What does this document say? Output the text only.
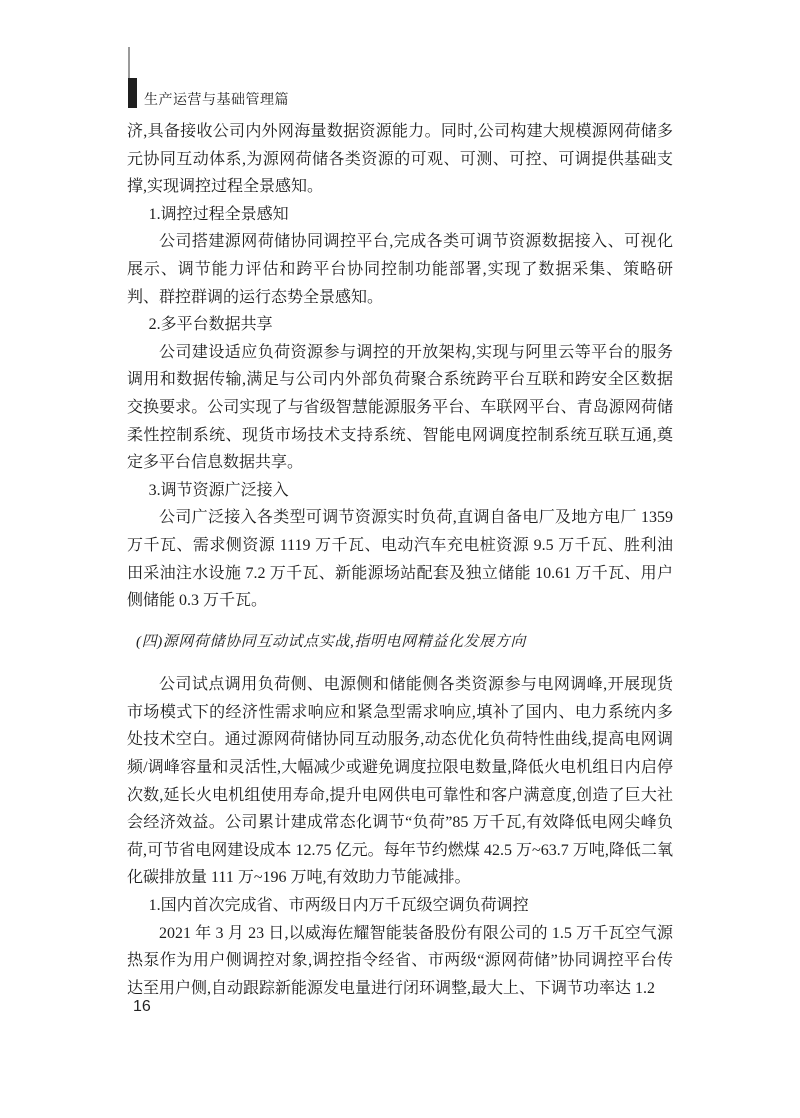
生产运营与基础管理篇

济,具备接收公司内外网海量数据资源能力。同时,公司构建大规模源网荷储多元协同互动体系,为源网荷储各类资源的可观、可测、可控、可调提供基础支撑,实现调控过程全景感知。

1.调控过程全景感知

公司搭建源网荷储协同调控平台,完成各类可调节资源数据接入、可视化展示、调节能力评估和跨平台协同控制功能部署,实现了数据采集、策略研判、群控群调的运行态势全景感知。

2.多平台数据共享

公司建设适应负荷资源参与调控的开放架构,实现与阿里云等平台的服务调用和数据传输,满足与公司内外部负荷聚合系统跨平台互联和跨安全区数据交换要求。公司实现了与省级智慧能源服务平台、车联网平台、青岛源网荷储柔性控制系统、现货市场技术支持系统、智能电网调度控制系统互联互通,奠定多平台信息数据共享。

3.调节资源广泛接入

公司广泛接入各类型可调节资源实时负荷,直调自备电厂及地方电厂 1359 万千瓦、需求侧资源 1119 万千瓦、电动汽车充电桩资源 9.5 万千瓦、胜利油田采油注水设施 7.2 万千瓦、新能源场站配套及独立储能 10.61 万千瓦、用户侧储能 0.3 万千瓦。

(四)源网荷储协同互动试点实战,指明电网精益化发展方向

公司试点调用负荷侧、电源侧和储能侧各类资源参与电网调峰,开展现货市场模式下的经济性需求响应和紧急型需求响应,填补了国内、电力系统内多处技术空白。通过源网荷储协同互动服务,动态优化负荷特性曲线,提高电网调频/调峰容量和灵活性,大幅减少或避免调度拉限电数量,降低火电机组日内启停次数,延长火电机组使用寿命,提升电网供电可靠性和客户满意度,创造了巨大社会经济效益。公司累计建成常态化调节“负荷”85 万千瓦,有效降低电网尖峰负荷,可节省电网建设成本 12.75 亿元。每年节约燃煤 42.5 万~63.7 万吨,降低二氧化碳排放量 111 万~196 万吨,有效助力节能减排。

1.国内首次完成省、市两级日内万千瓦级空调负荷调控

2021 年 3 月 23 日,以威海佐耀智能装备股份有限公司的 1.5 万千瓦空气源热泵作为用户侧调控对象,调控指令经省、市两级“源网荷储”协同调控平台传达至用户侧,自动跟踪新能源发电量进行闭环调整,最大上、下调节功率达 1.2

16
